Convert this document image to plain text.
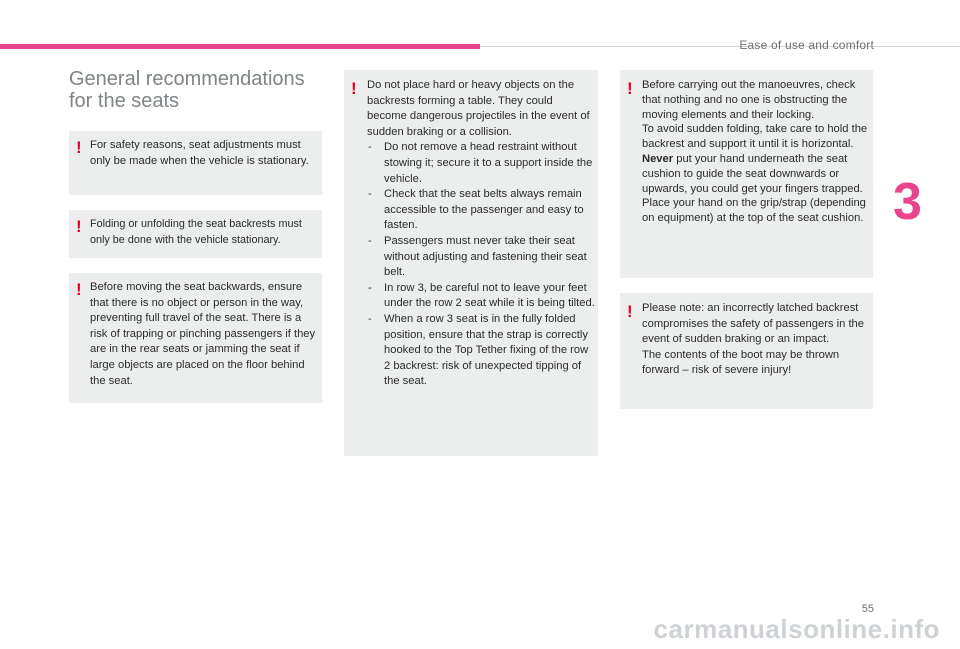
Ease of use and comfort
3
General recommendations for the seats
! For safety reasons, seat adjustments must only be made when the vehicle is stationary.
! Folding or unfolding the seat backrests must only be done with the vehicle stationary.
! Before moving the seat backwards, ensure that there is no object or person in the way, preventing full travel of the seat. There is a risk of trapping or pinching passengers if they are in the rear seats or jamming the seat if large objects are placed on the floor behind the seat.
! Do not place hard or heavy objects on the backrests forming a table. They could become dangerous projectiles in the event of sudden braking or a collision.

- Do not remove a head restraint without stowing it; secure it to a support inside the vehicle.
- Check that the seat belts always remain accessible to the passenger and easy to fasten.
- Passengers must never take their seat without adjusting and fastening their seat belt.
- In row 3, be careful not to leave your feet under the row 2 seat while it is being tilted.
- When a row 3 seat is in the fully folded position, ensure that the strap is correctly hooked to the Top Tether fixing of the row 2 backrest: risk of unexpected tipping of the seat.
! Before carrying out the manoeuvres, check that nothing and no one is obstructing the moving elements and their locking.

To avoid sudden folding, take care to hold the backrest and support it until it is horizontal.

Never put your hand underneath the seat cushion to guide the seat downwards or upwards, you could get your fingers trapped. Place your hand on the grip/strap (depending on equipment) at the top of the seat cushion.

! Please note: an incorrectly latched backrest compromises the safety of passengers in the event of sudden braking or an impact.

The contents of the boot may be thrown forward – risk of severe injury!

55
carmanualsonline.info
